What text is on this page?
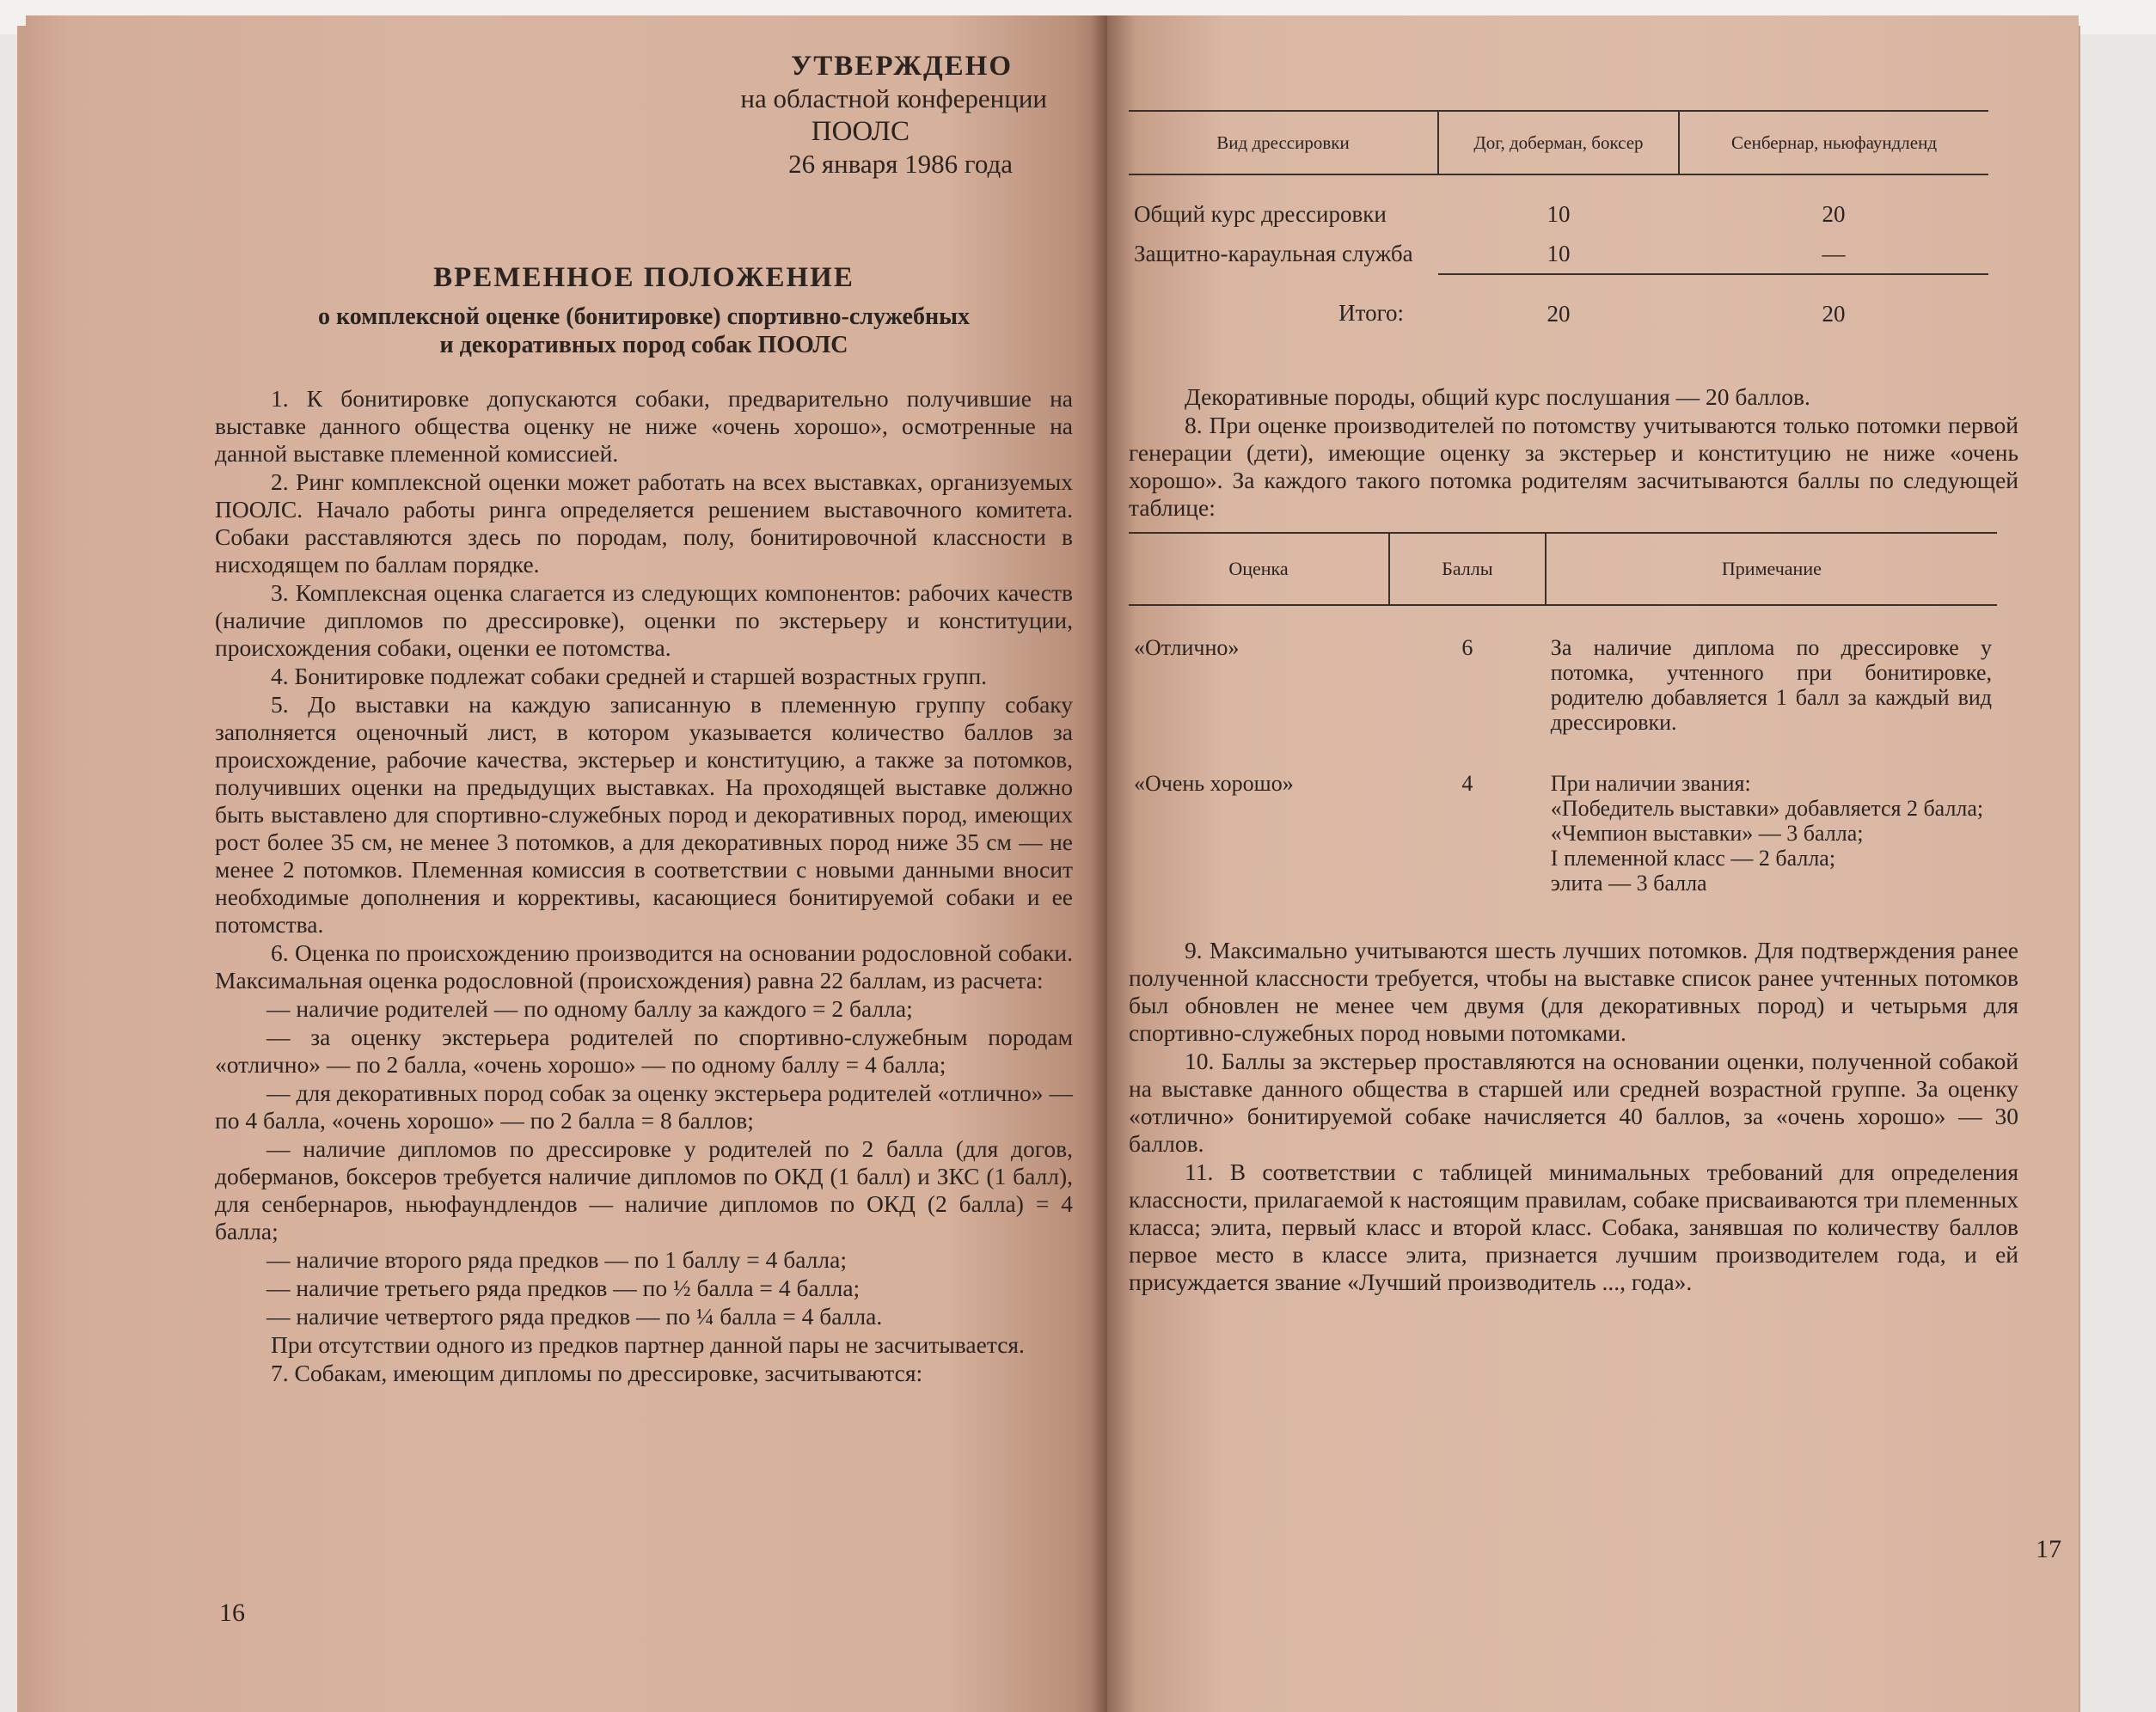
УТВЕРЖДЕНО
на областной конференции
ПООЛС
26 января 1986 года
ВРЕМЕННОЕ ПОЛОЖЕНИЕ
о комплексной оценке (бонитировке) спортивно-служебных
и декоративных пород собак ПООЛС

1. К бонитировке допускаются собаки, предварительно получившие на выставке данного общества оценку не ниже «очень хорошо», осмотренные на данной выставке племенной комиссией.

2. Ринг комплексной оценки может работать на всех выставках, организуемых ПООЛС. Начало работы ринга определяется решением выставочного комитета. Собаки расставляются здесь по породам, полу, бонитировочной классности в нисходящем по баллам порядке.

3. Комплексная оценка слагается из следующих компонентов: рабочих качеств (наличие дипломов по дрессировке), оценки по экстерьеру и конституции, происхождения собаки, оценки ее потомства.

4. Бонитировке подлежат собаки средней и старшей возрастных групп.

5. До выставки на каждую записанную в племенную группу собаку заполняется оценочный лист, в котором указывается количество баллов за происхождение, рабочие качества, экстерьер и конституцию, а также за потомков, получивших оценки на предыдущих выставках. На проходящей выставке должно быть выставлено для спортивно-служебных пород и декоративных пород, имеющих рост более 35 см, не менее 3 потомков, а для декоративных пород ниже 35 см — не менее 2 потомков. Племенная комиссия в соответствии с новыми данными вносит необходимые дополнения и коррективы, касающиеся бонитируемой собаки и ее потомства.

6. Оценка по происхождению производится на основании родословной собаки. Максимальная оценка родословной (происхождения) равна 22 баллам, из расчета:

— наличие родителей — по одному баллу за каждого = 2 балла;

— за оценку экстерьера родителей по спортивно-служебным породам «отлично» — по 2 балла, «очень хорошо» — по одному баллу = 4 балла;

— для декоративных пород собак за оценку экстерьера родителей «отлично» — по 4 балла, «очень хорошо» — по 2 балла = 8 баллов;

— наличие дипломов по дрессировке у родителей по 2 балла (для догов, доберманов, боксеров требуется наличие дипломов по ОКД (1 балл) и ЗКС (1 балл), для сенбернаров, ньюфаундлендов — наличие дипломов по ОКД (2 балла) = 4 балла;

— наличие второго ряда предков — по 1 баллу = 4 балла;

— наличие третьего ряда предков — по ½ балла = 4 балла;

— наличие четвертого ряда предков — по ¼ балла = 4 балла.

При отсутствии одного из предков партнер данной пары не засчитывается.

7. Собакам, имеющим дипломы по дрессировке, засчитываются:

16
Вид дрессировки	Дог, доберман, боксер	Сенбернар, ньюфаундленд
Общий курс дрессировки	10	20
Защитно-караульная служба	10	—
Итого:	20	20

Декоративные породы, общий курс послушания — 20 баллов.

8. При оценке производителей по потомству учитываются только потомки первой генерации (дети), имеющие оценку за экстерьер и конституцию не ниже «очень хорошо». За каждого такого потомка родителям засчитываются баллы по следующей таблице:

Оценка	Баллы	Примечание
«Отлично»	6	За наличие диплома по дрессировке у потомка, учтенного при бонитировке, родителю добавляется 1 балл за каждый вид дрессировки.

«Очень хорошо»	4	При наличии звания:
«Победитель выставки» добавляется 2 балла;
«Чемпион выставки» — 3 балла;
I племенной класс — 2 балла;
элита — 3 балла

9. Максимально учитываются шесть лучших потомков. Для подтверждения ранее полученной классности требуется, чтобы на выставке список ранее учтенных потомков был обновлен не менее чем двумя (для декоративных пород) и четырьмя для спортивно-служебных пород новыми потомками.

10. Баллы за экстерьер проставляются на основании оценки, полученной собакой на выставке данного общества в старшей или средней возрастной группе. За оценку «отлично» бонитируемой собаке начисляется 40 баллов, за «очень хорошо» — 30 баллов.

11. В соответствии с таблицей минимальных требований для определения классности, прилагаемой к настоящим правилам, собаке присваиваются три племенных класса; элита, первый класс и второй класс. Собака, занявшая по количеству баллов первое место в классе элита, признается лучшим производителем года, и ей присуждается звание «Лучший производитель ..., года».

17
